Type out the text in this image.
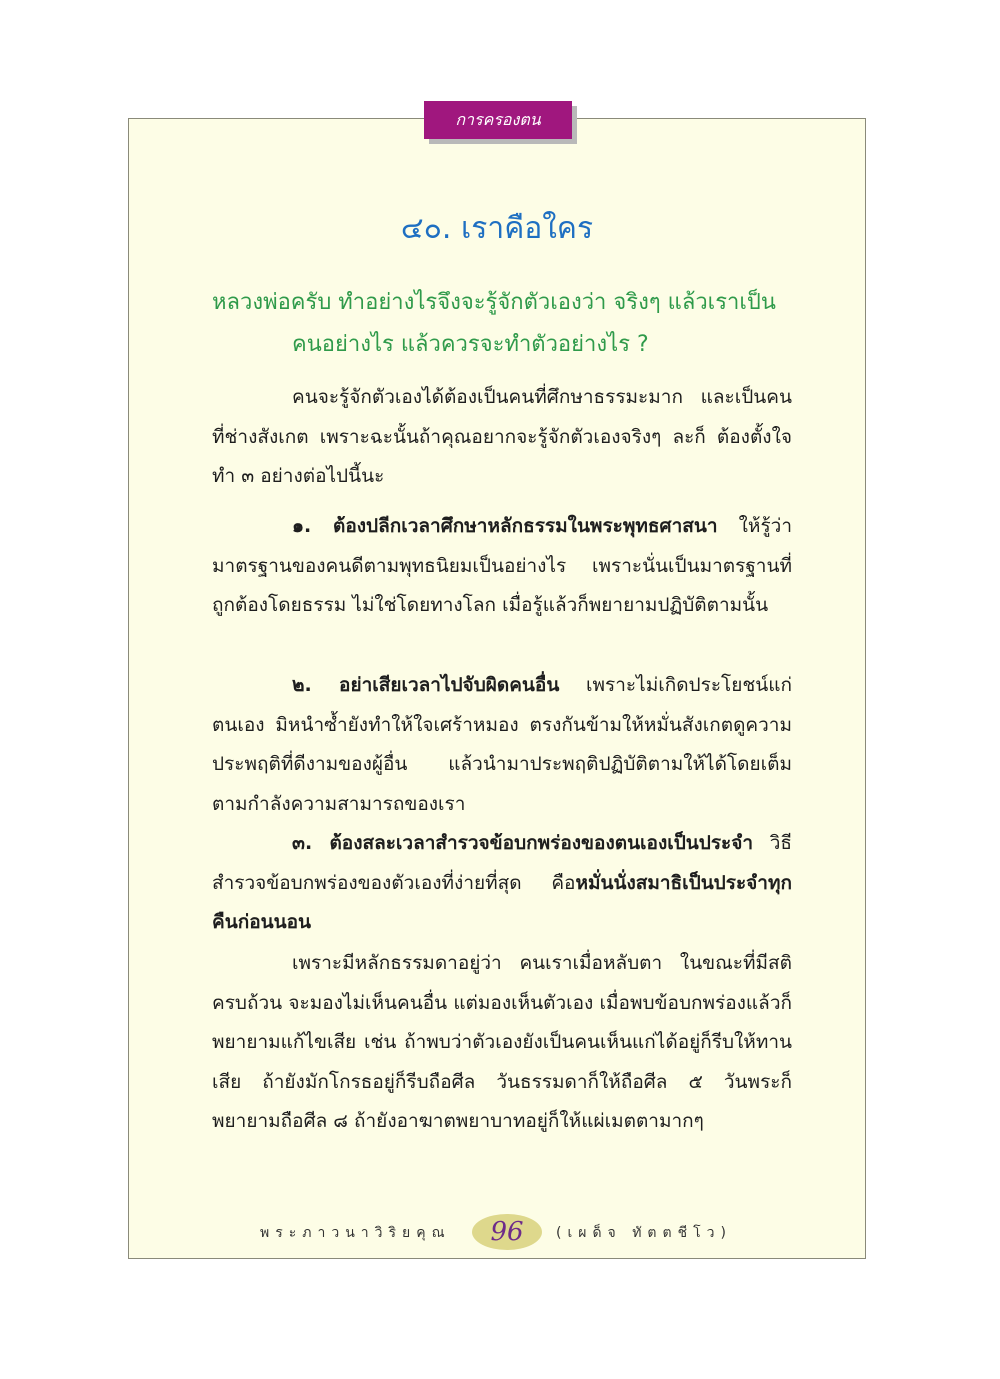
การครองตน
๔๐. เราคือใคร

หลวงพ่อครับ ทำอย่างไรจึงจะรู้จักตัวเองว่า จริงๆ แล้วเราเป็น
คนอย่างไร แล้วควรจะทำตัวอย่างไร ?

คนจะรู้จักตัวเองได้ต้องเป็นคนที่ศึกษาธรรมะมาก และเป็นคนที่ช่างสังเกต เพราะฉะนั้นถ้าคุณอยากจะรู้จักตัวเองจริงๆ ละก็ ต้องตั้งใจทำ ๓ อย่างต่อไปนี้นะ

๑. ต้องปลีกเวลาศึกษาหลักธรรมในพระพุทธศาสนา ให้รู้ว่ามาตรฐานของคนดีตามพุทธนิยมเป็นอย่างไร เพราะนั่นเป็นมาตรฐานที่ถูกต้องโดยธรรม ไม่ใช่โดยทางโลก เมื่อรู้แล้วก็พยายามปฏิบัติตามนั้น

๒. อย่าเสียเวลาไปจับผิดคนอื่น เพราะไม่เกิดประโยชน์แก่ตนเอง มิหนำซ้ำยังทำให้ใจเศร้าหมอง ตรงกันข้ามให้หมั่นสังเกตดูความประพฤติที่ดีงามของผู้อื่น แล้วนำมาประพฤติปฏิบัติตามให้ได้โดยเต็มตามกำลังความสามารถของเรา

๓. ต้องสละเวลาสำรวจข้อบกพร่องของตนเองเป็นประจำ วิธีสำรวจข้อบกพร่องของตัวเองที่ง่ายที่สุด คือหมั่นนั่งสมาธิเป็นประจำทุกคืนก่อนนอน

เพราะมีหลักธรรมดาอยู่ว่า คนเราเมื่อหลับตา ในขณะที่มีสติครบถ้วน จะมองไม่เห็นคนอื่น แต่มองเห็นตัวเอง เมื่อพบข้อบกพร่องแล้วก็พยายามแก้ไขเสีย เช่น ถ้าพบว่าตัวเองยังเป็นคนเห็นแก่ได้อยู่ก็รีบให้ทานเสีย ถ้ายังมักโกรธอยู่ก็รีบถือศีล วันธรรมดาก็ให้ถือศีล ๕ วันพระก็พยายามถือศีล ๘ ถ้ายังอาฆาตพยาบาทอยู่ก็ให้แผ่เมตตามากๆ

พระภาวนาวิริยคุณ	96	(เผด็จ ทัตตชีโว)
